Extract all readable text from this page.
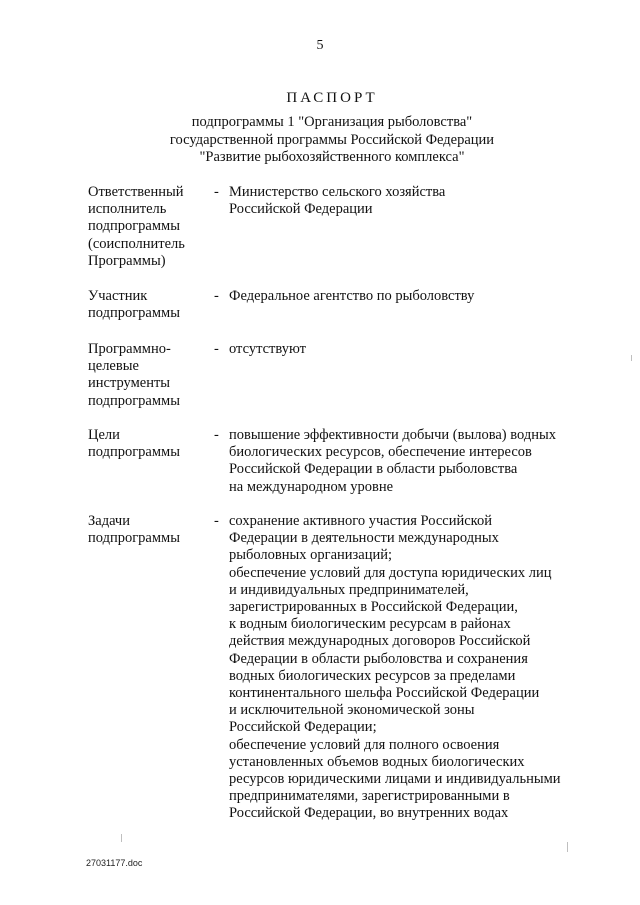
5
ПАСПОРТ
подпрограммы 1 "Организация рыболовства"
государственной программы Российской Федерации
"Развитие рыбохозяйственного комплекса"
Ответственный
исполнитель
подпрограммы
(соисполнитель
Программы)
- Министерство сельского хозяйства
Российской Федерации
Участник
подпрограммы
- Федеральное агентство по рыболовству
Программно-
целевые
инструменты
подпрограммы
- отсутствуют
Цели
подпрограммы
- повышение эффективности добычи (вылова) водных
биологических ресурсов, обеспечение интересов
Российской Федерации в области рыболовства
на международном уровне
Задачи
подпрограммы
- сохранение активного участия Российской
Федерации в деятельности международных
рыболовных организаций;
обеспечение условий для доступа юридических лиц
и индивидуальных предпринимателей,
зарегистрированных в Российской Федерации,
к водным биологическим ресурсам в районах
действия международных договоров Российской
Федерации в области рыболовства и сохранения
водных биологических ресурсов за пределами
континентального шельфа Российской Федерации
и исключительной экономической зоны
Российской Федерации;
обеспечение условий для полного освоения
установленных объемов водных биологических
ресурсов юридическими лицами и индивидуальными
предпринимателями, зарегистрированными в
Российской Федерации, во внутренних водах
27031177.doc
